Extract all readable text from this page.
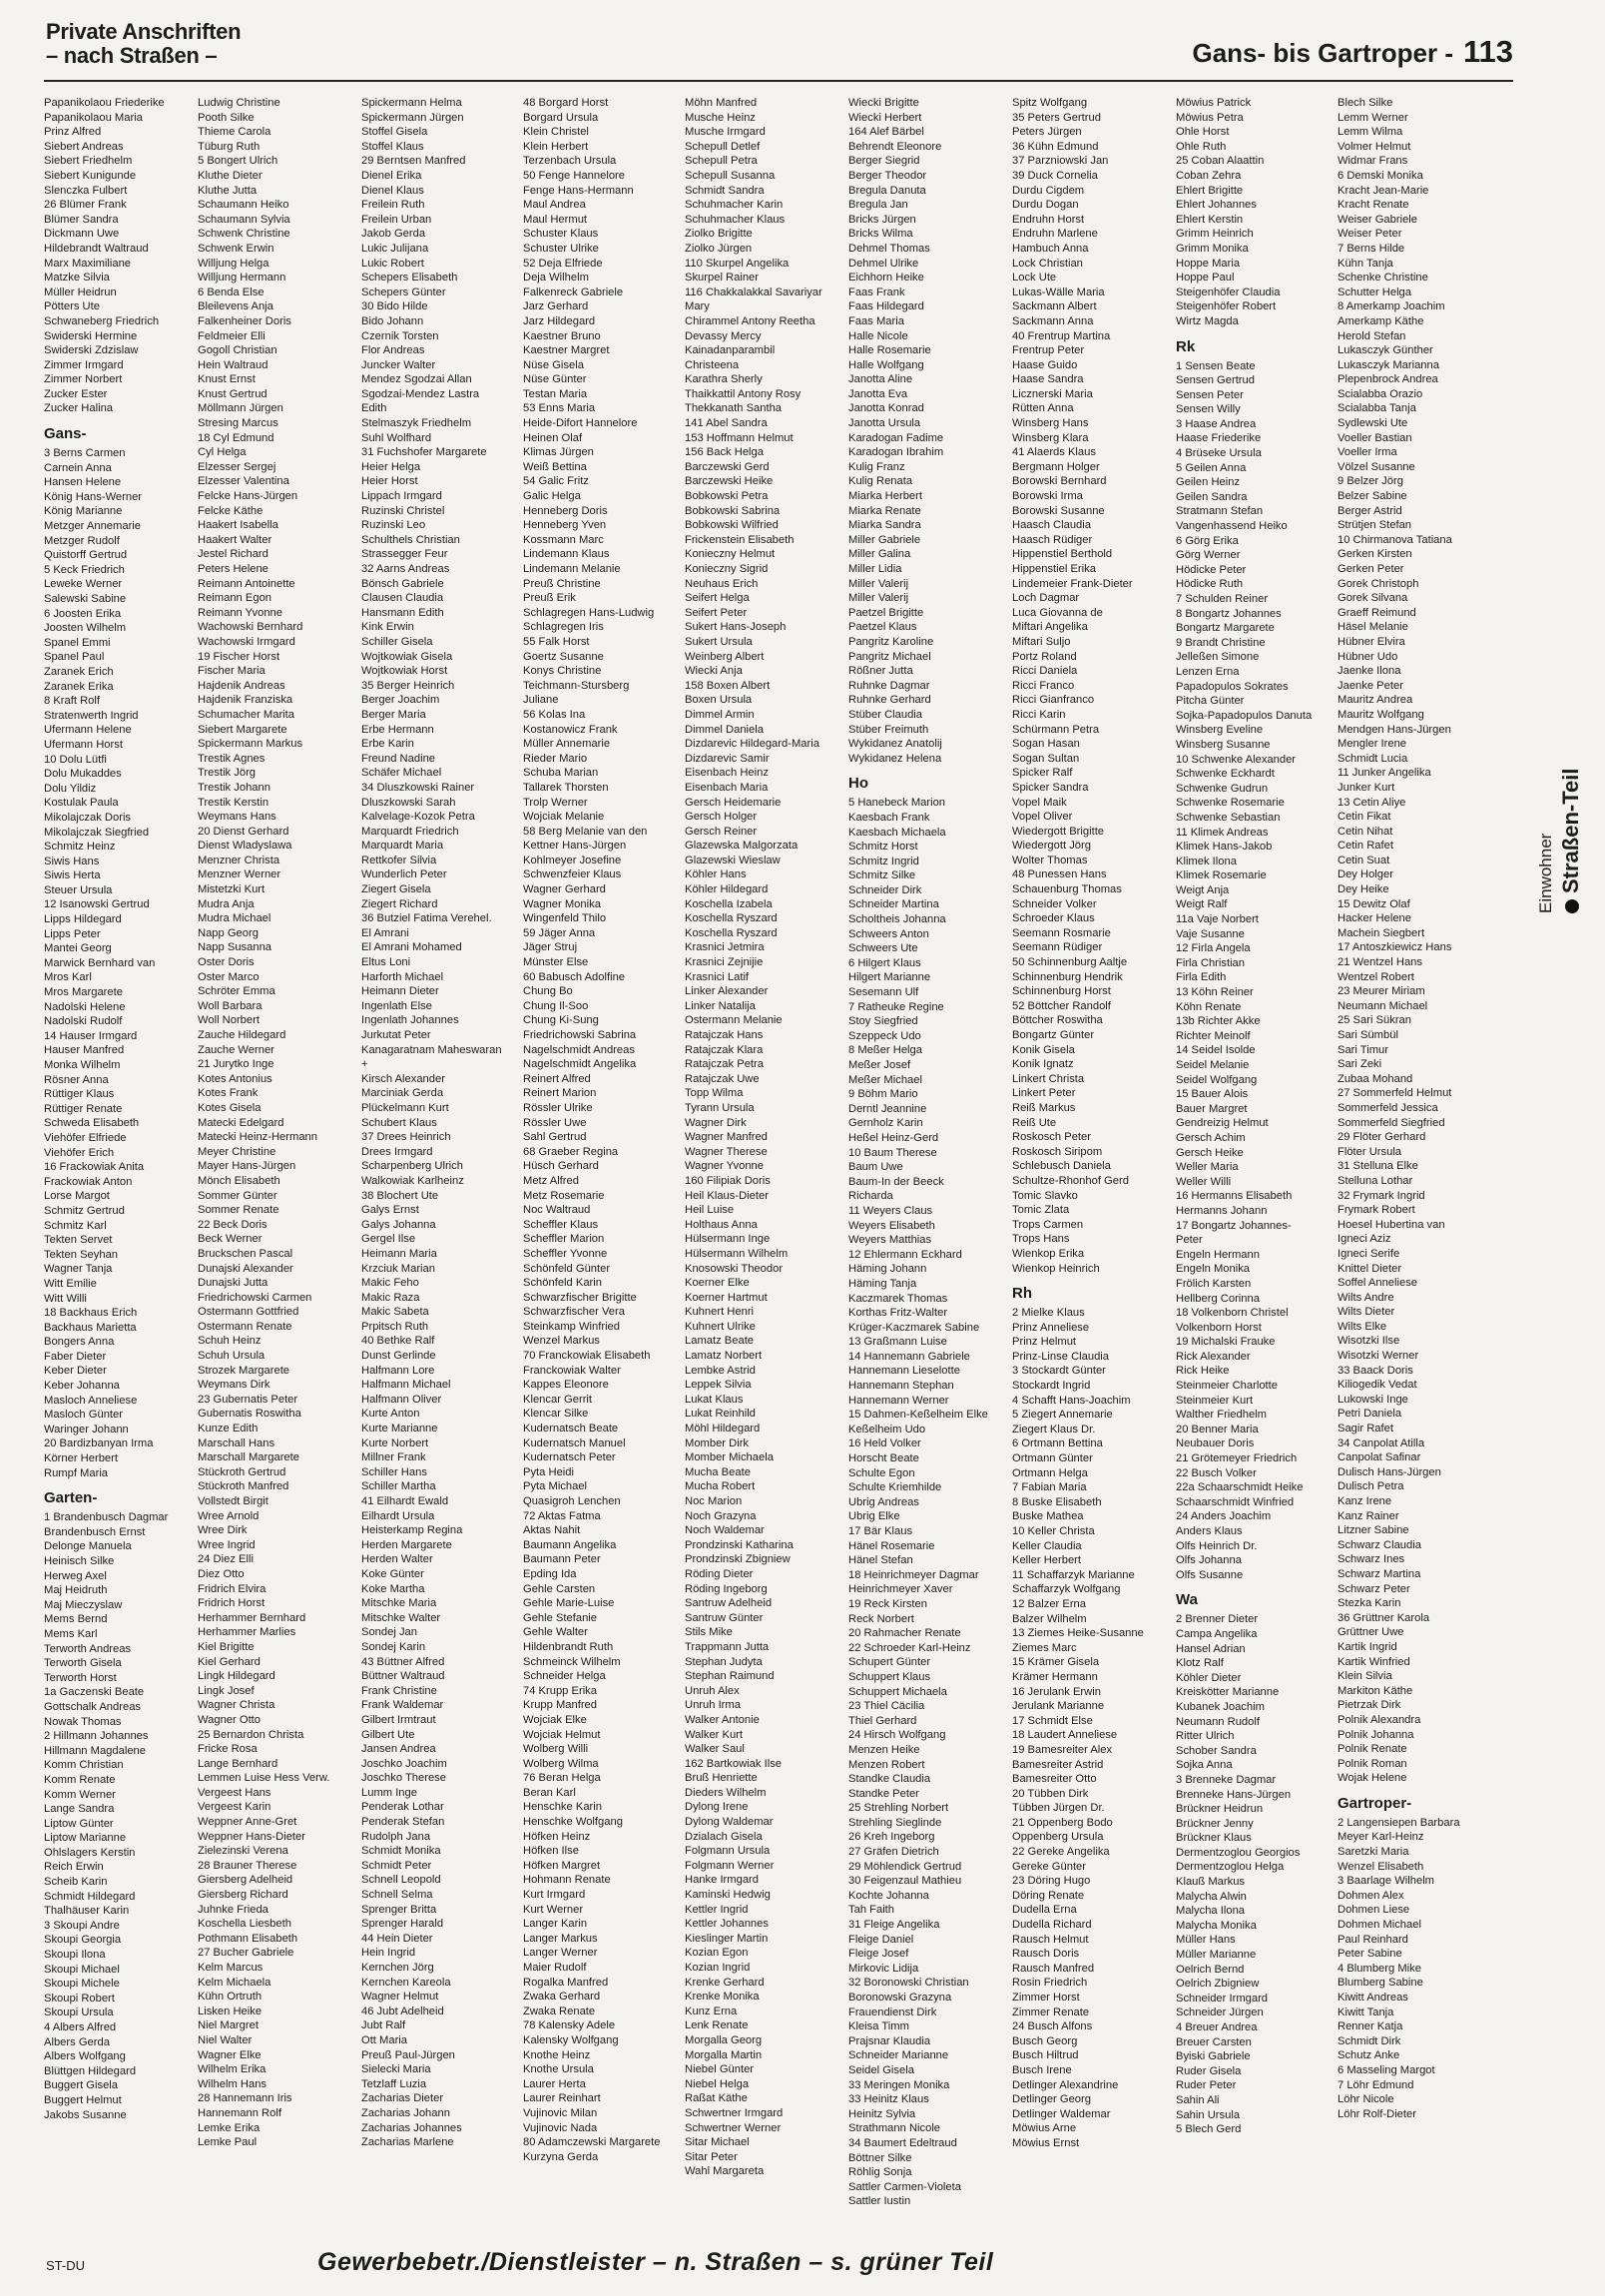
Private Anschriften
– nach Straßen –	Gans- bis Gartroper - 113
Papanikolaou Friederike
Papanikolaou Maria
Prinz Alfred
Siebert Andreas
Siebert Friedhelm
Siebert Kunigunde
Slenczka Fulbert
26 Blümer Frank
Blümer Sandra
Dickmann Uwe
Hildebrandt Waltraud
Marx Maximiliane
Matzke Silvia
Müller Heidrun
Pötters Ute
Schwaneberg Friedrich
Swiderski Hermine
Swiderski Zdzislaw
Zimmer Irmgard
Zimmer Norbert
Zucker Ester
Zucker Halina
Gans-
3 Berns Carmen
Carnein Anna
Hansen Helene
König Hans-Werner
König Marianne
Metzger Annemarie
Metzger Rudolf
Quistorff Gertrud
5 Keck Friedrich
Leweke Werner
Salewski Sabine
6 Joosten Erika
Joosten Wilhelm
Spanel Emmi
Spanel Paul
Zaranek Erich
Zaranek Erika
8 Kraft Rolf
Stratenwerth Ingrid
Ufermann Helene
Ufermann Horst
10 Dolu Lütfi
Dolu Mukaddes
Dolu Yildiz
Kostulak Paula
Mikolajczak Doris
Mikolajczak Siegfried
Schmitz Heinz
Siwis Hans
Siwis Herta
Steuer Ursula
12 Isanowski Gertrud
Lipps Hildegard
Lipps Peter
Mantei Georg
Marwick Bernhard van
Mros Karl
Mros Margarete
Nadolski Helene
Nadolski Rudolf
14 Hauser Irmgard
Hauser Manfred
Monka Wilhelm
Rösner Anna
Rüttiger Klaus
Rüttiger Renate
Schweda Elisabeth
Viehöfer Elfriede
Viehöfer Erich
16 Frackowiak Anita
Frackowiak Anton
Lorse Margot
Schmitz Gertrud
Schmitz Karl
Tekten Servet
Tekten Seyhan
Wagner Tanja
Witt Emilie
Witt Willi
18 Backhaus Erich
Backhaus Marietta
Bongers Anna
Faber Dieter
Keber Dieter
Keber Johanna
Masloch Anneliese
Masloch Günter
Waringer Johann
20 Bardizbanyan Irma
Körner Herbert
Rumpf Maria
Garten-
1 Brandenbusch Dagmar
Brandenbusch Ernst
Delonge Manuela
Heinisch Silke
Herweg Axel
Maj Heidruth
Maj Mieczyslaw
Mems Bernd
Mems Karl
Terworth Andreas
Terworth Gisela
Terworth Horst
1a Gaczenski Beate
Gottschalk Andreas
Nowak Thomas
2 Hillmann Johannes
Hillmann Magdalene
Komm Christian
Komm Renate
Komm Werner
Lange Sandra
Liptow Günter
Liptow Marianne
Ohlslagers Kerstin
Reich Erwin
Scheib Karin
Schmidt Hildegard
Thalhäuser Karin
3 Skoupi Andre
Skoupi Georgia
Skoupi Ilona
Skoupi Michael
Skoupi Michele
Skoupi Robert
Skoupi Ursula
4 Albers Alfred
Albers Gerda
Albers Wolfgang
Blüttgen Hildegard
Buggert Gisela
Buggert Helmut
Jakobs Susanne
Ludwig Christine
Pooth Silke
Thieme Carola
Tüburg Ruth
5 Bongert Ulrich
Kluthe Dieter
Kluthe Jutta
Schaumann Heiko
Schaumann Sylvia
Schwenk Christine
Schwenk Erwin
Willjung Helga
Willjung Hermann
6 Benda Else
Bleilevens Anja
Falkenheiner Doris
Feldmeier Elli
Gogoll Christian
Hein Waltraud
Knust Ernst
Knust Gertrud
Möllmann Jürgen
Stresing Marcus
18 Cyl Edmund
Cyl Helga
Elzesser Sergej
Elzesser Valentina
Felcke Hans-Jürgen
Felcke Käthe
Haakert Isabella
Haakert Walter
Jestel Richard
Peters Helene
Reimann Antoinette
Reimann Egon
Reimann Yvonne
Wachowski Bernhard
Wachowski Irmgard
19 Fischer Horst
Fischer Maria
Hajdenik Andreas
Hajdenik Franziska
Schumacher Marita
Siebert Margarete
Spickermann Markus
Trestik Agnes
Trestik Jörg
Trestik Johann
Trestik Kerstin
Weymans Hans
20 Dienst Gerhard
Dienst Wladyslawa
Menzner Christa
Menzner Werner
Mistetzki Kurt
Mudra Anja
Mudra Michael
Napp Georg
Napp Susanna
Oster Doris
Oster Marco
Schröter Emma
Woll Barbara
Woll Norbert
Zauche Hildegard
Zauche Werner
21 Jurytko Inge
Kotes Antonius
Kotes Frank
Kotes Gisela
Matecki Edelgard
Matecki Heinz-Hermann
Meyer Christine
Mayer Hans-Jürgen
Mönch Elisabeth
Sommer Günter
Sommer Renate
22 Beck Doris
Beck Werner
Bruckschen Pascal
Dunajski Alexander
Dunajski Jutta
Friedrichowski Carmen
Ostermann Gottfried
Ostermann Renate
Schuh Heinz
Schuh Ursula
Strozek Margarete
Weymans Dirk
23 Gubernatis Peter
Gubernatis Roswitha
Kunze Edith
Marschall Hans
Marschall Margarete
Stückroth Gertrud
Stückroth Manfred
Vollstedt Birgit
Wree Arnold
Wree Dirk
Wree Ingrid
24 Diez Elli
Diez Otto
Fridrich Elvira
Fridrich Horst
Herhammer Bernhard
Herhammer Marlies
Kiel Brigitte
Kiel Gerhard
Lingk Hildegard
Lingk Josef
Wagner Christa
Wagner Otto
25 Bernardon Christa
Fricke Rosa
Lange Bernhard
Lemmen Luise Hess Verw.
Vergeest Hans
Vergeest Karin
Weppner Anne-Gret
Weppner Hans-Dieter
Zielezinski Verena
28 Brauner Therese
Giersberg Adelheid
Giersberg Richard
Juhnke Frieda
Koschella Liesbeth
Pothmann Elisabeth
27 Bucher Gabriele
Kelm Marcus
Kelm Michaela
Kühn Ortruth
Lisken Heike
Niel Margret
Niel Walter
Wagner Elke
Wilhelm Erika
Wilhelm Hans
28 Hannemann Iris
Hannemann Rolf
Lemke Erika
Lemke Paul
Spickermann Helma
Spickermann Jürgen
Stoffel Gisela
Stoffel Klaus
29 Berntsen Manfred
Dienel Erika
Dienel Klaus
Freilein Ruth
Freilein Urban
Jakob Gerda
Lukic Julijana
Lukic Robert
Schepers Elisabeth
Schepers Günter
30 Bido Hilde
Bido Johann
Czernik Torsten
Flor Andreas
Juncker Walter
Mendez Sgodzai Allan
Sgodzai-Mendez Lastra
Edith
Stelmaszyk Friedhelm
Suhl Wolfhard
31 Fuchshofer Margarete
Heier Helga
Heier Horst
Lippach Irmgard
Ruzinski Christel
Ruzinski Leo
Schulthels Christian
Strassegger Feur
32 Aarns Andreas
Bönsch Gabriele
Clausen Claudia
Hansmann Edith
Kink Erwin
Schiller Gisela
Wojtkowiak Gisela
Wojtkowiak Horst
35 Berger Heinrich
Berger Joachim
Berger Maria
Erbe Hermann
Erbe Karin
Freund Nadine
Schäfer Michael
34 Dluszkowski Rainer
Dluszkowski Sarah
Kalvelage-Kozok Petra
Marquardt Friedrich
Marquardt Maria
Rettkofer Silvia
Wunderlich Peter
Ziegert Gisela
Ziegert Richard
36 Butziel Fatima Verehel.
El Amrani
El Amrani Mohamed
Eltus Loni
Harforth Michael
Heimann Dieter
Ingenlath Else
Ingenlath Johannes
Jurkutat Peter
Kanagaratnam Maheswaran
+
Kirsch Alexander
Marciniak Gerda
Plückelmann Kurt
Schubert Klaus
37 Drees Heinrich
Drees Irmgard
Scharpenberg Ulrich
Walkowiak Karlheinz
38 Blochert Ute
Galys Ernst
Galys Johanna
Gergel Ilse
Heimann Maria
Krzciuk Marian
Makic Feho
Makic Raza
Makic Sabeta
Prpitsch Ruth
40 Bethke Ralf
Dunst Gerlinde
Halfmann Lore
Halfmann Michael
Halfmann Oliver
Kurte Anton
Kurte Marianne
Kurte Norbert
Millner Frank
Schiller Hans
Schiller Martha
41 Eilhardt Ewald
Eilhardt Ursula
Heisterkamp Regina
Herden Margarete
Herden Walter
Koke Günter
Koke Martha
Mitschke Maria
Mitschke Walter
Sondej Jan
Sondej Karin
43 Büttner Alfred
Büttner Waltraud
Frank Christine
Frank Waldemar
Gilbert Irmtraut
Gilbert Ute
Jansen Andrea
Joschko Joachim
Joschko Therese
Lumm Inge
Penderak Lothar
Penderak Stefan
Rudolph Jana
Schmidt Monika
Schmidt Peter
Schnell Leopold
Schnell Selma
Sprenger Britta
Sprenger Harald
44 Hein Dieter
Hein Ingrid
Kernchen Jörg
Kernchen Kareola
Wagner Helmut
46 Jubt Adelheid
Jubt Ralf
Ott Maria
Preuß Paul-Jürgen
Sielecki Maria
Tetzlaff Luzia
Zacharias Dieter
Zacharias Johann
Zacharias Johannes
Zacharias Marlene
48 Borgard Horst
Borgard Ursula
Klein Christel
Klein Herbert
Terzenbach Ursula
50 Fenge Hannelore
Fenge Hans-Hermann
Maul Andrea
Maul Hermut
Schuster Klaus
Schuster Ulrike
52 Deja Elfriede
Deja Wilhelm
Falkenreck Gabriele
Jarz Gerhard
Jarz Hildegard
Kaestner Bruno
Kaestner Margret
Nüse Gisela
Nüse Günter
Testan Maria
53 Enns Maria
Heide-Difort Hannelore
Heinen Olaf
Klimas Jürgen
Weiß Bettina
54 Galic Fritz
Galic Helga
Henneberg Doris
Henneberg Yven
Kossmann Marc
Lindemann Klaus
Lindemann Melanie
Preuß Christine
Preuß Erik
Schlagregen Hans-Ludwig
Schlagregen Iris
55 Falk Horst
Goertz Susanne
Konys Christine
Teichmann-Stursberg
Juliane
56 Kolas Ina
Kostanowicz Frank
Müller Annemarie
Rieder Mario
Schuba Marian
Tallarek Thorsten
Trolp Werner
Wojciak Melanie
58 Berg Melanie van den
Kettner Hans-Jürgen
Kohlmeyer Josefine
Schwenzfeier Klaus
Wagner Gerhard
Wagner Monika
Wingenfeld Thilo
59 Jäger Anna
Jäger Struj
Münster Else
60 Babusch Adolfine
Chung Bo
Chung Il-Soo
Chung Ki-Sung
Friedrichowski Sabrina
Nagelschmidt Andreas
Nagelschmidt Angelika
Reinert Alfred
Reinert Marion
Rössler Ulrike
Rössler Uwe
Sahl Gertrud
68 Graeber Regina
Hüsch Gerhard
Metz Alfred
Metz Rosemarie
Noc Waltraud
Scheffler Klaus
Scheffler Marion
Scheffler Yvonne
Schönfeld Günter
Schönfeld Karin
Schwarzfischer Brigitte
Schwarzfischer Vera
Steinkamp Winfried
Wenzel Markus
70 Franckowiak Elisabeth
Franckowiak Walter
Kappes Eleonore
Klencar Gerrit
Klencar Silke
Kudernatsch Beate
Kudernatsch Manuel
Kudernatsch Peter
Pyta Heidi
Pyta Michael
Quasigroh Lenchen
72 Aktas Fatma
Aktas Nahit
Baumann Angelika
Baumann Peter
Epding Ida
Gehle Carsten
Gehle Marie-Luise
Gehle Stefanie
Gehle Walter
Hildenbrandt Ruth
Schmeinck Wilhelm
Schneider Helga
74 Krupp Erika
Krupp Manfred
Wojciak Elke
Wojciak Helmut
Wolberg Willi
Wolberg Wilma
76 Beran Helga
Beran Karl
Henschke Karin
Henschke Wolfgang
Höfken Heinz
Höfken Ilse
Höfken Margret
Hohmann Renate
Kurt Irmgard
Kurt Werner
Langer Karin
Langer Markus
Langer Werner
Maier Rudolf
Rogalka Manfred
Zwaka Gerhard
Zwaka Renate
78 Kalensky Adele
Kalensky Wolfgang
Knothe Heinz
Knothe Ursula
Laurer Herta
Laurer Reinhart
Vujinovic Milan
Vujinovic Nada
80 Adamczewski Margarete
Kurzyna Gerda
Möhn Manfred
Musche Heinz
Musche Irmgard
Schepull Detlef
Schepull Petra
Schepull Susanna
Schmidt Sandra
Schuhmacher Karin
Schuhmacher Klaus
Ziolko Brigitte
Ziolko Jürgen
110 Skurpel Angelika
Skurpel Rainer
116 Chakkalakkal Savariyar
Mary
Chirammel Antony Reetha
Devassy Mercy
Kainadanparambil
Christeena
Karathra Sherly
Thaikkattil Antony Rosy
Thekkanath Santha
141 Abel Sandra
153 Hoffmann Helmut
156 Back Helga
Barczewski Gerd
Barczewski Heike
Bobkowski Petra
Bobkowski Sabrina
Bobkowski Wilfried
Frickenstein Elisabeth
Konieczny Helmut
Konieczny Sigrid
Neuhaus Erich
Seifert Helga
Seifert Peter
Sukert Hans-Joseph
Sukert Ursula
Weinberg Albert
Wiecki Anja
158 Boxen Albert
Boxen Ursula
Dimmel Armin
Dimmel Daniela
Dizdarevic Hildegard-Maria
Dizdarevic Samir
Eisenbach Heinz
Eisenbach Maria
Gersch Heidemarie
Gersch Holger
Gersch Reiner
Glazewska Malgorzata
Glazewski Wieslaw
Köhler Hans
Köhler Hildegard
Koschella Izabela
Koschella Ryszard
Koschella Ryszard
Krasnici Jetmira
Krasnici Zejnijie
Krasnici Latif
Linker Alexander
Linker Natalija
Ostermann Melanie
Ratajczak Hans
Ratajczak Klara
Ratajczak Petra
Ratajczak Uwe
Topp Wilma
Tyrann Ursula
Wagner Dirk
Wagner Manfred
Wagner Therese
Wagner Yvonne
160 Filipiak Doris
Heil Klaus-Dieter
Heil Luise
Holthaus Anna
Hülsermann Inge
Hülsermann Wilhelm
Knosowski Theodor
Koerner Elke
Koerner Hartmut
Kuhnert Henri
Kuhnert Ulrike
Lamatz Beate
Lamatz Norbert
Lembke Astrid
Leppek Silvia
Lukat Klaus
Lukat Reinhild
Möhl Hildegard
Momber Dirk
Momber Michaela
Mucha Beate
Mucha Robert
Noc Marion
Noch Grazyna
Noch Waldemar
Prondzinski Katharina
Prondzinski Zbigniew
Röding Dieter
Röding Ingeborg
Santruw Adelheid
Santruw Günter
Stils Mike
Trappmann Jutta
Stephan Judyta
Stephan Raimund
Unruh Alex
Unruh Irma
Walker Antonie
Walker Kurt
Walker Saul
162 Bartkowiak Ilse
Bruß Henriette
Dieders Wilhelm
Dylong Irene
Dylong Waldemar
Dzialach Gisela
Folgmann Ursula
Folgmann Werner
Hanke Irmgard
Kaminski Hedwig
Kettler Ingrid
Kettler Johannes
Kieslinger Martin
Kozian Egon
Kozian Ingrid
Krenke Gerhard
Krenke Monika
Kunz Erna
Lenk Renate
Morgalla Georg
Morgalla Martin
Niebel Günter
Niebel Helga
Raßat Käthe
Schwertner Irmgard
Schwertner Werner
Sitar Michael
Sitar Peter
Wahl Margareta
Wiecki Brigitte
Wiecki Herbert
164 Alef Bärbel
Behrendt Eleonore
Berger Siegrid
Berger Theodor
Bregula Danuta
Bregula Jan
Bricks Jürgen
Bricks Wilma
Dehmel Thomas
Dehmel Ulrike
Eichhorn Heike
Faas Frank
Faas Hildegard
Faas Maria
Halle Nicole
Halle Rosemarie
Halle Wolfgang
Janotta Aline
Janotta Eva
Janotta Konrad
Janotta Ursula
Karadogan Fadime
Karadogan Ibrahim
Kulig Franz
Kulig Renata
Miarka Herbert
Miarka Renate
Miarka Sandra
Miller Gabriele
Miller Galina
Miller Lidia
Miller Valerij
Miller Valerij
Paetzel Brigitte
Paetzel Klaus
Pangritz Karoline
Pangritz Michael
Rößner Jutta
Ruhnke Dagmar
Ruhnke Gerhard
Stüber Claudia
Stüber Freimuth
Wykidanez Anatolij
Wykidanez Helena
Ho
5 Hanebeck Marion
Kaesbach Frank
Kaesbach Michaela
Schmitz Horst
Schmitz Ingrid
Schmitz Silke
Schneider Dirk
Schneider Martina
Scholtheis Johanna
Schweers Anton
Schweers Ute
6 Hilgert Klaus
Hilgert Marianne
Sesemann Ulf
7 Ratheuke Regine
Stoy Siegfried
Szeppeck Udo
8 Meßer Helga
Meßer Josef
Meßer Michael
9 Böhm Mario
Derntl Jeannine
Gernholz Karin
Heßel Heinz-Gerd
10 Baum Therese
Baum Uwe
Baum-In der Beeck
Richarda
11 Weyers Claus
Weyers Elisabeth
Weyers Matthias
12 Ehlermann Eckhard
Häming Johann
Häming Tanja
Kaczmarek Thomas
Korthas Fritz-Walter
Krüger-Kaczmarek Sabine
13 Graßmann Luise
14 Hannemann Gabriele
Hannemann Lieselotte
Hannemann Stephan
Hannemann Werner
15 Dahmen-Keßelheim Elke
Keßelheim Udo
16 Held Volker
Horscht Beate
Schulte Egon
Schulte Kriemhilde
Ubrig Andreas
Ubrig Elke
17 Bär Klaus
Hänel Rosemarie
Hänel Stefan
18 Heinrichmeyer Dagmar
Heinrichmeyer Xaver
19 Reck Kirsten
Reck Norbert
20 Rahmacher Renate
22 Schroeder Karl-Heinz
Schupert Günter
Schuppert Klaus
Schuppert Michaela
23 Thiel Cäcilia
Thiel Gerhard
24 Hirsch Wolfgang
Menzen Heike
Menzen Robert
Standke Claudia
Standke Peter
25 Strehling Norbert
Strehling Sieglinde
26 Kreh Ingeborg
27 Gräfen Dietrich
29 Möhlendick Gertrud
30 Feigenzaul Mathieu
Kochte Johanna
Tah Faith
31 Fleige Angelika
Fleige Daniel
Fleige Josef
Mirkovic Lidija
32 Boronowski Christian
Boronowski Grazyna
Frauendienst Dirk
Kleisa Timm
Prajsnar Klaudia
Schneider Marianne
Seidel Gisela
33 Meringen Monika
33 Heinitz Klaus
Heinitz Sylvia
Strathmann Nicole
34 Baumert Edeltraud
Böttner Silke
Röhlig Sonja
Sattler Carmen-Violeta
Sattler Iustin
Spitz Wolfgang
35 Peters Gertrud
Peters Jürgen
36 Kühn Edmund
37 Parzniowski Jan
39 Duck Cornelia
Durdu Cigdem
Durdu Dogan
Endruhn Horst
Endruhn Marlene
Hambuch Anna
Lock Christian
Lock Ute
Lukas-Wälle Maria
Sackmann Albert
Sackmann Anna
40 Frentrup Martina
Frentrup Peter
Haase Guido
Haase Sandra
Licznerski Maria
Rütten Anna
Winsberg Hans
Winsberg Klara
41 Alaerds Klaus
Bergmann Holger
Borowski Bernhard
Borowski Irma
Borowski Susanne
Haasch Claudia
Haasch Rüdiger
Hippenstiel Berthold
Hippenstiel Erika
Lindemeier Frank-Dieter
Loch Dagmar
Luca Giovanna de
Miftari Angelika
Miftari Suljo
Portz Roland
Ricci Daniela
Ricci Franco
Ricci Gianfranco
Ricci Karin
Schürmann Petra
Sogan Hasan
Sogan Sultan
Spicker Ralf
Spicker Sandra
Vopel Maik
Vopel Oliver
Wiedergott Brigitte
Wiedergott Jörg
Wolter Thomas
48 Punessen Hans
Schauenburg Thomas
Schneider Volker
Schroeder Klaus
Seemann Rosmarie
Seemann Rüdiger
50 Schinnenburg Aaltje
Schinnenburg Hendrik
Schinnenburg Horst
52 Böttcher Randolf
Böttcher Roswitha
Bongartz Günter
Konik Gisela
Konik Ignatz
Linkert Christa
Linkert Peter
Reiß Markus
Reiß Ute
Roskosch Peter
Roskosch Siripom
Schlebusch Daniela
Schultze-Rhonhof Gerd
Tomic Slavko
Tomic Zlata
Trops Carmen
Trops Hans
Wienkop Erika
Wienkop Heinrich
Rh
2 Mielke Klaus
Prinz Anneliese
Prinz Helmut
Prinz-Linse Claudia
3 Stockardt Günter
Stockardt Ingrid
4 Schafft Hans-Joachim
5 Ziegert Annemarie
Ziegert Klaus Dr.
6 Ortmann Bettina
Ortmann Günter
Ortmann Helga
7 Fabian Maria
8 Buske Elisabeth
Buske Mathea
10 Keller Christa
Keller Claudia
Keller Herbert
11 Schaffarzyk Marianne
Schaffarzyk Wolfgang
12 Balzer Erna
Balzer Wilhelm
13 Ziemes Heike-Susanne
Ziemes Marc
15 Krämer Gisela
Krämer Hermann
16 Jerulank Erwin
Jerulank Marianne
17 Schmidt Else
18 Laudert Anneliese
19 Bamesreiter Alex
Bamesreiter Astrid
Bamesreiter Otto
20 Tübben Dirk
Tübben Jürgen Dr.
21 Oppenberg Bodo
Oppenberg Ursula
22 Gereke Angelika
Gereke Günter
23 Döring Hugo
Döring Renate
Dudella Erna
Dudella Richard
Rausch Helmut
Rausch Doris
Rausch Manfred
Rosin Friedrich
Zimmer Horst
Zimmer Renate
24 Busch Alfons
Busch Georg
Busch Hiltrud
Busch Irene
Detlinger Alexandrine
Detlinger Georg
Detlinger Waldemar
Möwius Arne
Möwius Ernst
Möwius Patrick
Möwius Petra
Ohle Horst
Ohle Ruth
25 Coban Alaattin
Coban Zehra
Ehlert Brigitte
Ehlert Johannes
Ehlert Kerstin
Grimm Heinrich
Grimm Monika
Hoppe Maria
Hoppe Paul
Steigenhöfer Claudia
Steigenhöfer Robert
Wirtz Magda
Rk
1 Sensen Beate
Sensen Gertrud
Sensen Peter
Sensen Willy
3 Haase Andrea
Haase Friederike
4 Brüseke Ursula
5 Geilen Anna
Geilen Heinz
Geilen Sandra
Stratmann Stefan
Vangenhassend Heiko
6 Görg Erika
Görg Werner
Hödicke Peter
Hödicke Ruth
7 Schulden Reiner
8 Bongartz Johannes
Bongartz Margarete
9 Brandt Christine
Jelleßen Simone
Lenzen Erna
Papadopulos Sokrates
Pitcha Günter
Sojka-Papadopulos Danuta
Winsberg Eveline
Winsberg Susanne
10 Schwenke Alexander
Schwenke Eckhardt
Schwenke Gudrun
Schwenke Rosemarie
Schwenke Sebastian
11 Klimek Andreas
Klimek Hans-Jakob
Klimek Ilona
Klimek Rosemarie
Weigt Anja
Weigt Ralf
11a Vaje Norbert
Vaje Susanne
12 Firla Angela
Firla Christian
Firla Edith
13 Köhn Reiner
Köhn Renate
13b Richter Akke
Richter Meinolf
14 Seidel Isolde
Seidel Melanie
Seidel Wolfgang
15 Bauer Alois
Bauer Margret
Gendreizig Helmut
Gersch Achim
Gersch Heike
Weller Maria
Weller Willi
16 Hermanns Elisabeth
Hermanns Johann
17 Bongartz Johannes-
Peter
Engeln Hermann
Engeln Monika
Frölich Karsten
Hellberg Corinna
18 Volkenborn Christel
Volkenborn Horst
19 Michalski Frauke
Rick Alexander
Rick Heike
Steinmeier Charlotte
Steinmeier Kurt
Walther Friedhelm
20 Benner Maria
Neubauer Doris
21 Grötemeyer Friedrich
22 Busch Volker
22a Schaarschmidt Heike
Schaarschmidt Winfried
24 Anders Joachim
Anders Klaus
Olfs Heinrich Dr.
Olfs Johanna
Olfs Susanne
Wa
2 Brenner Dieter
Campa Angelika
Hansel Adrian
Klotz Ralf
Köhler Dieter
Kreiskötter Marianne
Kubanek Joachim
Neumann Rudolf
Ritter Ulrich
Schober Sandra
Sojka Anna
3 Brenneke Dagmar
Brenneke Hans-Jürgen
Brückner Heidrun
Brückner Jenny
Brückner Klaus
Dermentzoglou Georgios
Dermentzoglou Helga
Klauß Markus
Malycha Alwin
Malycha Ilona
Malycha Monika
Müller Hans
Müller Marianne
Oelrich Bernd
Oelrich Zbigniew
Schneider Irmgard
Schneider Jürgen
4 Breuer Andrea
Breuer Carsten
Byiski Gabriele
Ruder Gisela
Ruder Peter
Sahin Ali
Sahin Ursula
5 Blech Gerd
Blech Silke
Lemm Werner
Lemm Wilma
Volmer Helmut
Widmar Frans
6 Demski Monika
Kracht Jean-Marie
Kracht Renate
Weiser Gabriele
Weiser Peter
7 Berns Hilde
Kühn Tanja
Schenke Christine
Schutter Helga
8 Amerkamp Joachim
Amerkamp Käthe
Herold Stefan
Lukasczyk Günther
Lukasczyk Marianna
Plepenbrock Andrea
Scialabba Orazio
Scialabba Tanja
Sydlewski Ute
Voeller Bastian
Voeller Irma
Völzel Susanne
9 Belzer Jörg
Belzer Sabine
Berger Astrid
Strütjen Stefan
10 Chirmanova Tatiana
Gerken Kirsten
Gerken Peter
Gorek Christoph
Gorek Silvana
Graeff Reimund
Häsel Melanie
Hübner Elvira
Hübner Udo
Jaenke Ilona
Jaenke Peter
Mauritz Andrea
Mauritz Wolfgang
Mendgen Hans-Jürgen
Mengler Irene
Schmidt Lucia
11 Junker Angelika
Junker Kurt
13 Cetin Aliye
Cetin Fikat
Cetin Nihat
Cetin Rafet
Cetin Suat
Dey Holger
Dey Heike
15 Dewitz Olaf
Hacker Helene
Machein Siegbert
17 Antoszkiewicz Hans
21 Wentzel Hans
Wentzel Robert
23 Meurer Miriam
Neumann Michael
25 Sari Sükran
Sari Sümbül
Sari Timur
Sari Zeki
Zubaa Mohand
27 Sommerfeld Helmut
Sommerfeld Jessica
Sommerfeld Siegfried
29 Flöter Gerhard
Flöter Ursula
31 Stelluna Elke
Stelluna Lothar
32 Frymark Ingrid
Frymark Robert
Hoesel Hubertina van
Igneci Aziz
Igneci Serife
Knittel Dieter
Soffel Anneliese
Wilts Andre
Wilts Dieter
Wilts Elke
Wisotzki Ilse
Wisotzki Werner
33 Baack Doris
Kiliogedik Vedat
Lukowski Inge
Petri Daniela
Sagir Rafet
34 Canpolat Atilla
Canpolat Safinar
Dulisch Hans-Jürgen
Dulisch Petra
Kanz Irene
Kanz Rainer
Litzner Sabine
Schwarz Claudia
Schwarz Ines
Schwarz Martina
Schwarz Peter
Stezka Karin
36 Grüttner Karola
Grüttner Uwe
Kartik Ingrid
Kartik Winfried
Klein Silvia
Markiton Käthe
Pietrzak Dirk
Polnik Alexandra
Polnik Johanna
Polnik Renate
Polnik Roman
Wojak Helene
Gartroper-
2 Langensiepen Barbara
Meyer Karl-Heinz
Saretzki Maria
Wenzel Elisabeth
3 Baarlage Wilhelm
Dohmen Alex
Dohmen Liese
Dohmen Michael
Paul Reinhard
Peter Sabine
4 Blumberg Mike
Blumberg Sabine
Kiwitt Andreas
Kiwitt Tanja
Renner Katja
Schmidt Dirk
Schutz Anke
6 Masseling Margot
7 Löhr Edmund
Löhr Nicole
Löhr Rolf-Dieter
Einwohner Straßen-Teil
ST-DU	Gewerbebetr./Dienstleister – n. Straßen – s. grüner Teil
